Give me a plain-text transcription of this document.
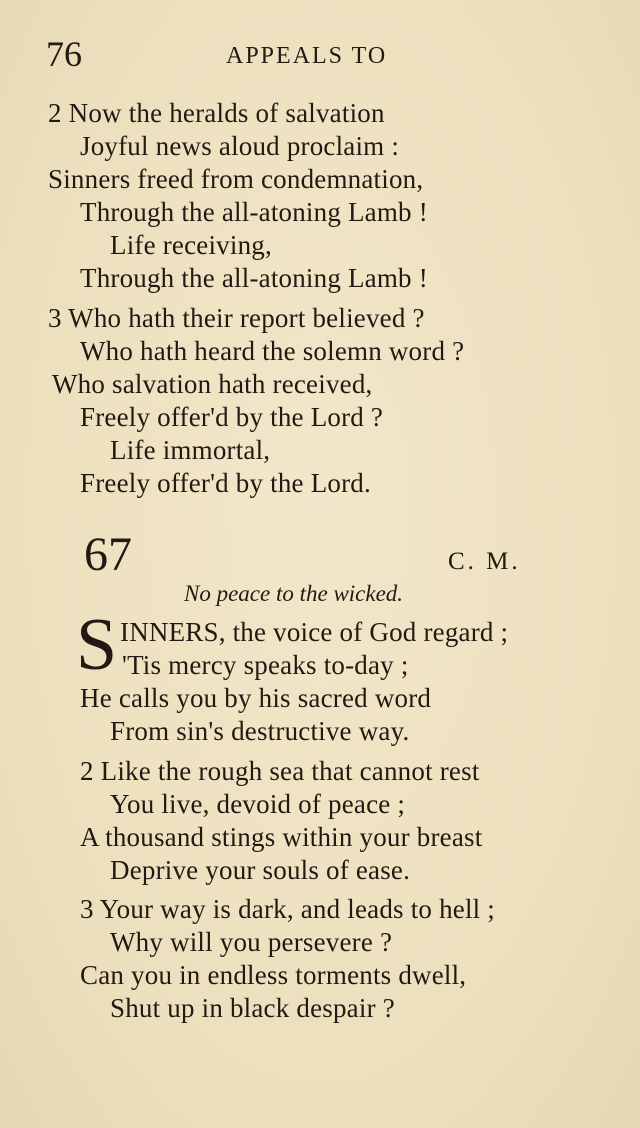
76	APPEALS TO
2 Now the heralds of salvation
Joyful news aloud proclaim :
Sinners freed from condemnation,
Through the all-atoning Lamb !
Life receiving,
Through the all-atoning Lamb !
3 Who hath their report believed ?
Who hath heard the solemn word ?
Who salvation hath received,
Freely offer'd by the Lord ?
Life immortal,
Freely offer'd by the Lord.
67	C. M.
No peace to the wicked.
S INNERS, the voice of God regard ;
'Tis mercy speaks to-day ;
He calls you by his sacred word
From sin's destructive way.
2 Like the rough sea that cannot rest
You live, devoid of peace ;
A thousand stings within your breast
Deprive your souls of ease.
3 Your way is dark, and leads to hell ;
Why will you persevere ?
Can you in endless torments dwell,
Shut up in black despair ?
